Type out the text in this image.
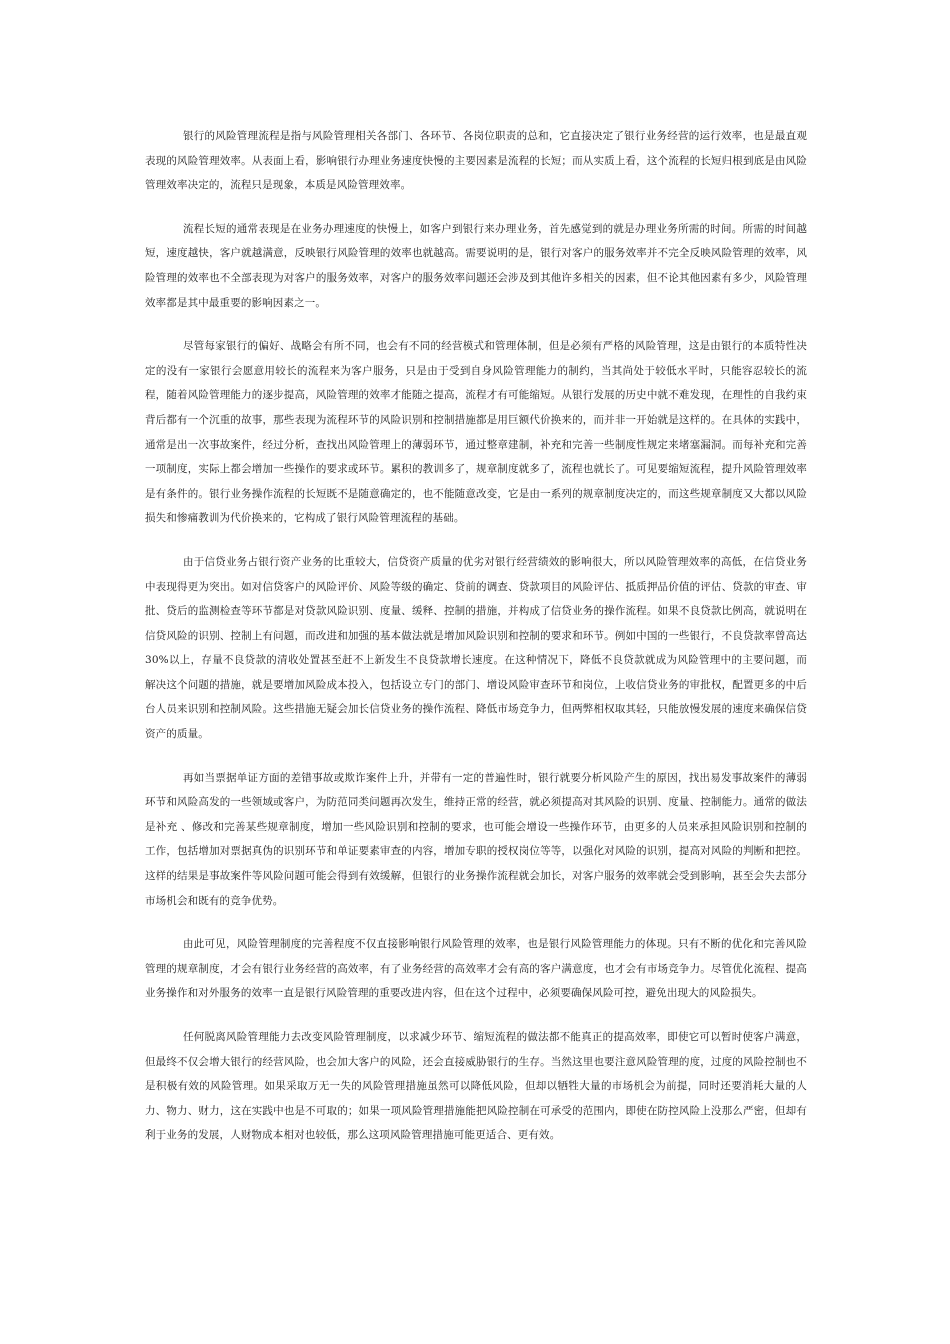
银行的风险管理流程是指与风险管理相关各部门、各环节、各岗位职责的总和，它直接决定了银行业务经营的运行效率，也是最直观表现的风险管理效率。从表面上看，影响银行办理业务速度快慢的主要因素是流程的长短；而从实质上看，这个流程的长短归根到底是由风险管理效率决定的，流程只是现象，本质是风险管理效率。

流程长短的通常表现是在业务办理速度的快慢上，如客户到银行来办理业务，首先感觉到的就是办理业务所需的时间。所需的时间越短，速度越快，客户就越满意，反映银行风险管理的效率也就越高。需要说明的是，银行对客户的服务效率并不完全反映风险管理的效率，风险管理的效率也不全部表现为对客户的服务效率，对客户的服务效率问题还会涉及到其他许多相关的因素，但不论其他因素有多少，风险管理效率都是其中最重要的影响因素之一。

尽管每家银行的偏好、战略会有所不同，也会有不同的经营模式和管理体制，但是必须有严格的风险管理，这是由银行的本质特性决定的没有一家银行会愿意用较长的流程来为客户服务，只是由于受到自身风险管理能力的制约，当其尚处于较低水平时，只能容忍较长的流程，随着风险管理能力的逐步提高，风险管理的效率才能随之提高，流程才有可能缩短。从银行发展的历史中就不难发现，在理性的自我约束背后都有一个沉重的故事，那些表现为流程环节的风险识别和控制措施都是用巨额代价换来的，而并非一开始就是这样的。在具体的实践中，通常是出一次事故案件，经过分析，查找出风险管理上的薄弱环节，通过整章建制，补充和完善一些制度性规定来堵塞漏洞。而每补充和完善一项制度，实际上都会增加一些操作的要求或环节。累积的教训多了，规章制度就多了，流程也就长了。可见要缩短流程，提升风险管理效率是有条件的。银行业务操作流程的长短既不是随意确定的，也不能随意改变，它是由一系列的规章制度决定的，而这些规章制度又大都以风险损失和惨痛教训为代价换来的，它构成了银行风险管理流程的基础。

由于信贷业务占银行资产业务的比重较大，信贷资产质量的优劣对银行经营绩效的影响很大，所以风险管理效率的高低，在信贷业务中表现得更为突出。如对信贷客户的风险评价、风险等级的确定、贷前的调查、贷款项目的风险评估、抵质押品价值的评估、贷款的审查、审批、贷后的监测检查等环节都是对贷款风险识别、度量、缓释、控制的措施，并构成了信贷业务的操作流程。如果不良贷款比例高，就说明在信贷风险的识别、控制上有问题，而改进和加强的基本做法就是增加风险识别和控制的要求和环节。例如中国的一些银行，不良贷款率曾高达 30%以上，存量不良贷款的清收处置甚至赶不上新发生不良贷款增长速度。在这种情况下，降低不良贷款就成为风险管理中的主要问题，而解决这个问题的措施，就是要增加风险成本投入，包括设立专门的部门、增设风险审查环节和岗位，上收信贷业务的审批权，配置更多的中后台人员来识别和控制风险。这些措施无疑会加长信贷业务的操作流程、降低市场竞争力，但两弊相权取其轻，只能放慢发展的速度来确保信贷资产的质量。

再如当票据单证方面的差错事故或欺诈案件上升，并带有一定的普遍性时，银行就要分析风险产生的原因，找出易发事故案件的薄弱环节和风险高发的一些领域或客户，为防范同类问题再次发生，维持正常的经营，就必须提高对其风险的识别、度量、控制能力。通常的做法是补充 、修改和完善某些规章制度，增加一些风险识别和控制的要求，也可能会增设一些操作环节，由更多的人员来承担风险识别和控制的工作，包括增加对票据真伪的识别环节和单证要素审查的内容，增加专职的授权岗位等等，以强化对风险的识别，提高对风险的判断和把控。这样的结果是事故案件等风险问题可能会得到有效缓解，但银行的业务操作流程就会加长，对客户服务的效率就会受到影响，甚至会失去部分市场机会和既有的竞争优势。

由此可见，风险管理制度的完善程度不仅直接影响银行风险管理的效率，也是银行风险管理能力的体现。只有不断的优化和完善风险管理的规章制度，才会有银行业务经营的高效率，有了业务经营的高效率才会有高的客户满意度，也才会有市场竞争力。尽管优化流程、提高业务操作和对外服务的效率一直是银行风险管理的重要改进内容，但在这个过程中，必须要确保风险可控，避免出现大的风险损失。

任何脱离风险管理能力去改变风险管理制度，以求减少环节、缩短流程的做法都不能真正的提高效率，即使它可以暂时使客户满意，但最终不仅会增大银行的经营风险，也会加大客户的风险，还会直接威胁银行的生存。当然这里也要注意风险管理的度，过度的风险控制也不是积极有效的风险管理。如果采取万无一失的风险管理措施虽然可以降低风险，但却以牺牲大量的市场机会为前提，同时还要消耗大量的人力、物力、财力，这在实践中也是不可取的；如果一项风险管理措施能把风险控制在可承受的范围内，即使在防控风险上没那么严密，但却有利于业务的发展，人财物成本相对也较低，那么这项风险管理措施可能更适合、更有效。
